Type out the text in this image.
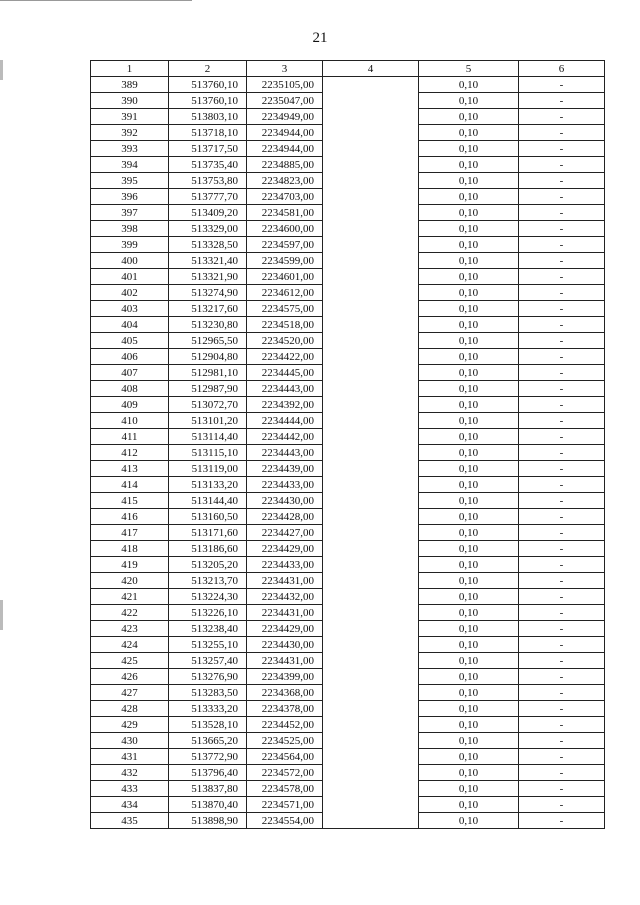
21
1	2	3	4	5	6
389	513760,10	2235105,00		0,10	-
390	513760,10	2235047,00		0,10	-
391	513803,10	2234949,00		0,10	-
392	513718,10	2234944,00		0,10	-
393	513717,50	2234944,00		0,10	-
394	513735,40	2234885,00		0,10	-
395	513753,80	2234823,00		0,10	-
396	513777,70	2234703,00		0,10	-
397	513409,20	2234581,00		0,10	-
398	513329,00	2234600,00		0,10	-
399	513328,50	2234597,00		0,10	-
400	513321,40	2234599,00		0,10	-
401	513321,90	2234601,00		0,10	-
402	513274,90	2234612,00		0,10	-
403	513217,60	2234575,00		0,10	-
404	513230,80	2234518,00		0,10	-
405	512965,50	2234520,00		0,10	-
406	512904,80	2234422,00		0,10	-
407	512981,10	2234445,00		0,10	-
408	512987,90	2234443,00		0,10	-
409	513072,70	2234392,00		0,10	-
410	513101,20	2234444,00		0,10	-
411	513114,40	2234442,00		0,10	-
412	513115,10	2234443,00		0,10	-
413	513119,00	2234439,00		0,10	-
414	513133,20	2234433,00		0,10	-
415	513144,40	2234430,00		0,10	-
416	513160,50	2234428,00		0,10	-
417	513171,60	2234427,00		0,10	-
418	513186,60	2234429,00		0,10	-
419	513205,20	2234433,00		0,10	-
420	513213,70	2234431,00		0,10	-
421	513224,30	2234432,00		0,10	-
422	513226,10	2234431,00		0,10	-
423	513238,40	2234429,00		0,10	-
424	513255,10	2234430,00		0,10	-
425	513257,40	2234431,00		0,10	-
426	513276,90	2234399,00		0,10	-
427	513283,50	2234368,00		0,10	-
428	513333,20	2234378,00		0,10	-
429	513528,10	2234452,00		0,10	-
430	513665,20	2234525,00		0,10	-
431	513772,90	2234564,00		0,10	-
432	513796,40	2234572,00		0,10	-
433	513837,80	2234578,00		0,10	-
434	513870,40	2234571,00		0,10	-
435	513898,90	2234554,00		0,10	-
